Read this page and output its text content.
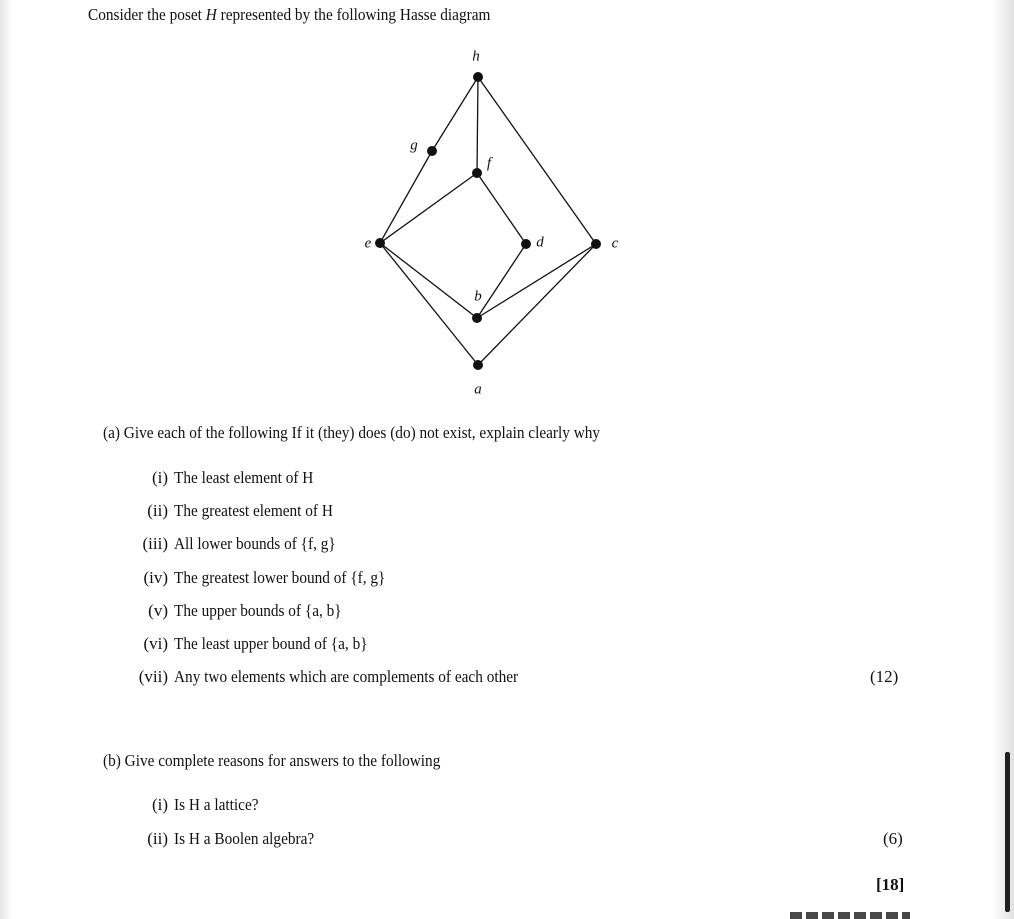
Consider the poset H represented by the following Hasse diagram
h
g
f
e	d	c
b
a
(a) Give each of the following If it (they) does (do) not exist, explain clearly why
(i) The least element of H
(ii) The greatest element of H
(iii) All lower bounds of {f, g}
(iv) The greatest lower bound of {f, g}
(v) The upper bounds of {a, b}
(vi) The least upper bound of {a, b}
(vii) Any two elements which are complements of each other	(12)
(b) Give complete reasons for answers to the following
(i) Is H a lattice?
(ii) Is H a Boolen algebra?	(6)
[18]
